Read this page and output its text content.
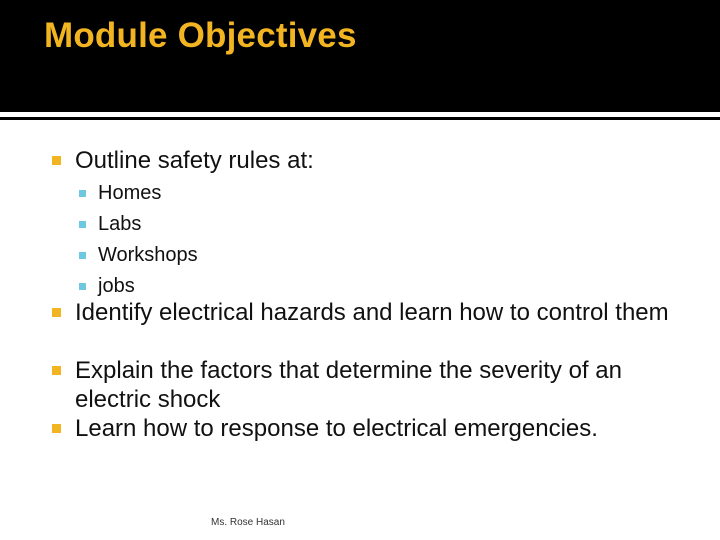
Module Objectives
Outline safety rules at:
Homes
Labs
Workshops
jobs
Identify electrical hazards and learn how to control them
Explain the factors that determine the severity of an electric shock
Learn how to response to electrical emergencies.
Ms. Rose Hasan
